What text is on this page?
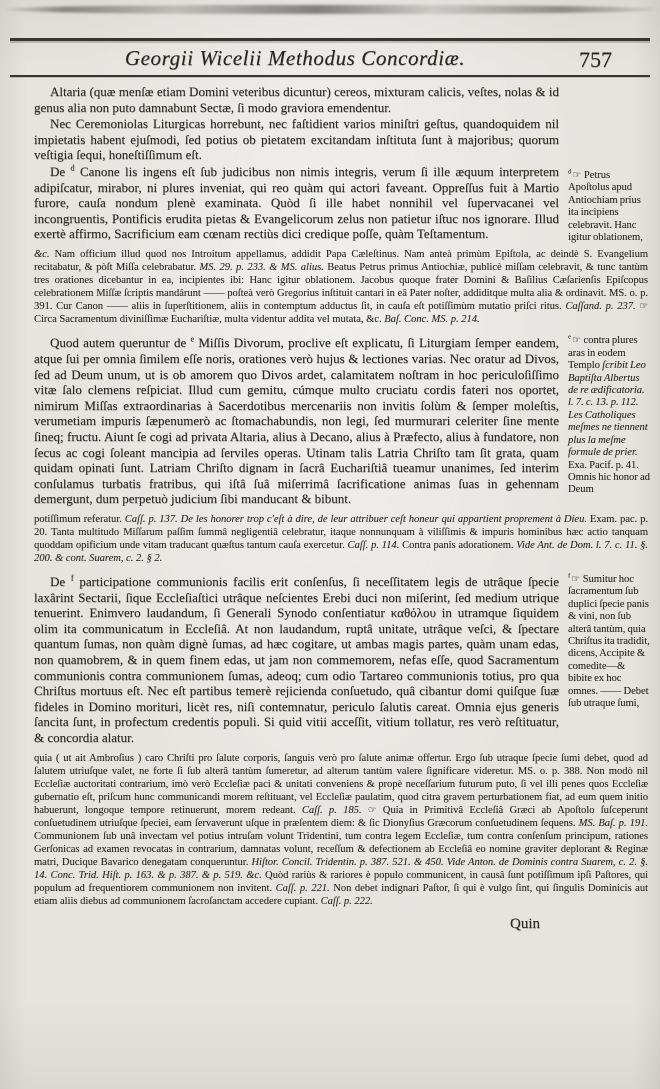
Georgii Wicelii Methodus Concordiæ.	757

Altaria (quæ menſæ etiam Domini veteribus dicuntur) cereos, mixturam calicis, veſtes, nolas & id genus alia non puto damnabunt Sectæ, ſi modo graviora emendentur.

Nec Ceremoniolas Liturgicas horrebunt, nec faſtidient varios miniſtri geſtus, quandoquidem nil impietatis habent ejuſmodi, ſed potius ob pietatem excitandam inſtituta ſunt à majoribus; quorum veſtigia ſequi, honeſtiſſimum eſt.

De $^d$ Canone lis ingens eſt ſub judicibus non nimis integris, verum ſi ille æquum interpretem adipiſcatur, mirabor, ni plures inveniat, qui reo quàm qui actori faveant. Oppreſſus fuit à Martio furore, cauſa nondum plenè examinata. Quòd ſi ille habet nonnihil vel ſupervacanei vel incongruentis, Pontificis erudita pietas & Evangelicorum zelus non patietur iſtuc nos ignorare. Illud exertè affirmo, Sacrificium eam cœnam rectiùs dici credique poſſe, quàm Teſtamentum.

$^d$ ☞ Petrus Apoſtolus apud Antiochiam prius ita incipiens celebravit. Hanc igitur oblationem,
&c. Nam officium illud quod nos Introitum appellamus, addidit Papa Cæleſtinus. Nam anteà primùm Epiſtola, ac deindè S. Evangelium recitabatur, & pòſt Miſſa celebrabatur. MS. 29. p. 233. & MS. alius. Beatus Petrus primus Antiochiæ, publicè miſſam celebravit, & tunc tantùm tres orationes dicebantur in ea, incipientes ibi: Hanc igitur oblationem. Jacobus quoque frater Domini & Baſilius Cæſarienſis Epiſcopus celebrationem Miſſæ ſcriptis mandârunt —— poſteà verò Gregorius inſtituit cantari in eâ Pater noſter, addiditque multa alia & ordinavit. MS. o. p. 391. Cur Canon —— aliis in ſuperſtitionem, aliis in contemptum adductus ſit, in cauſa eſt potiſſimùm mutatio priſci ritus. Caſſand. p. 237. ☞ Circa Sacramentum diviniſſimæ Euchariſtiæ, multa videntur addita vel mutata, &c. Baſ. Conc. MS. p. 214.

Quod autem queruntur de $^e$ Miſſis Divorum, proclive eſt explicatu, ſi Liturgiam ſemper eandem, atque ſui per omnia ſimilem eſſe noris, orationes verò hujus & lectiones varias. Nec oratur ad Divos, ſed ad Deum unum, ut is ob amorem quo Divos ardet, calamitatem noſtram in hoc periculoſiſſimo vitæ ſalo clemens reſpiciat. Illud cum gemitu, cúmque multo cruciatu cordis fateri nos oportet, nimirum Miſſas extraordinarias à Sacerdotibus mercenariis non invitis ſolùm & ſemper moleſtis, verumetiam impuris ſæpenumerò ac ſtomachabundis, non legi, ſed murmurari celeriter ſine mente ſineq; fructu. Aiunt ſe cogi ad privata Altaria, alius à Decano, alius à Præfecto, alius à fundatore, non ſecus ac cogi ſoleant mancipia ad ſerviles operas. Utinam talis Latria Chriſto tam ſit grata, quam quidam opinati ſunt. Latriam Chriſto dignam in ſacrâ Euchariſtiâ tueamur unanimes, ſed interim conſulamus turbatis fratribus, qui iſtâ ſuâ miſerrimâ ſacrificatione animas ſuas in gehennam demergunt, dum perpetuò judicium ſibi manducant & bibunt.

$^e$ ☞ contra plures aras in eodem Templo ſcribit Leo Baptiſta Albertus de re ædificatoria. l. 7. c. 13. p. 112. Les Catholiques meſmes ne tiennent plus la meſme formule de prier. Exa. Pacif. p. 41. Omnis hic honor ad Deum
potiſſimum referatur. Caſſ. p. 137. De les honorer trop c'eſt à dire, de leur attribuer ceſt honeur qui appartient proprement à Dieu. Exam. pac. p. 20. Tanta multitudo Miſſarum paſſim ſummâ negligentiâ celebratur, itaque nonnunquam à viliſſimis & impuris hominibus hæc actio tanquam quoddam opificium unde vitam traducant quæſtus tantum cauſa exercetur. Caſſ. p. 114. Contra panis adorationem. Vide Ant. de Dom. l. 7. c. 11. §. 200. & cont. Suarem, c. 2. § 2.

De $^f$ participatione communionis facilis erit conſenſus, ſi neceſſitatem legis de utrâque ſpecie laxârint Sectarii, ſique Eccleſiaſtici utrâque neſcientes Erebi duci non miſerint, ſed medium utrique tenuerint. Enimvero laudandum, ſi Generali Synodo conſentiatur καθόλου in utramque ſiquidem olim ita communicatum in Eccleſiâ. At non laudandum, ruptâ unitate, utrâque veſci, & ſpectare quantum ſumas, non quàm dignè ſumas, ad hæc cogitare, ut ambas magis partes, quàm unam edas, non quamobrem, & in quem finem edas, ut jam non commemorem, nefas eſſe, quod Sacramentum communionis contra communionem ſumas, adeoq; cum odio Tartareo communionis totius, pro qua Chriſtus mortuus eſt. Nec eſt partibus temerè rejicienda conſuetudo, quâ cibantur domi quiſque ſuæ fideles in Domino morituri, licèt res, niſi contemnatur, periculo ſalutis careat. Omnia ejus generis ſancita ſunt, in profectum credentis populi. Si quid vitii acceſſit, vitium tollatur, res verò reſtituatur, & concordia alatur.

$^f$ ☞ Sumitur hoc ſacramentum ſub duplici ſpecie panis & vini, non ſub alterâ tantùm, quia Chriſtus ita tradidit, dicens, Accipite & comedite—& bibite ex hoc omnes. —— Debet ſub utraque ſumi,
quia ( ut ait Ambroſius ) caro Chriſti pro ſalute corporis, ſanguis verò pro ſalute animæ offertur. Ergo ſub utraque ſpecie ſumi debet, quod ad ſalutem utriuſque valet, ne forte ſi ſub alterâ tantùm ſumeretur, ad alterum tantùm valere ſignificare videretur. MS. o. p. 388. Non modò nil Eccleſiæ auctoritati contrarium, imò verò Eccleſiæ paci & unitati conveniens & propè neceſſarium futurum puto, ſi vel illi penes quos Eccleſiæ gubernatio eſt, priſcum hunc communicandi morem reſtituant, vel Eccleſiæ paulatim, quod citra gravem perturbationem fiat, ad eum quem initio habuerunt, longoque tempore retinuerunt, morem redeant. Caſſ. p. 185. ☞ Quia in Primitivâ Eccleſiâ Græci ab Apoſtolo ſuſceperunt conſuetudinem utriuſque ſpeciei, eam ſervaverunt uſque in præſentem diem: & ſic Dionyſius Græcorum conſuetudinem ſequens. MS. Baſ. p. 191. Communionem ſub unâ invectam vel potius intruſam volunt Tridentini, tum contra legem Eccleſiæ, tum contra conſenſum principum, rationes Gerſonicas ad examen revocatas in contrarium, damnatas volunt, receſſum & defectionem ab Eccleſiâ eo nomine graviter deplorant & Reginæ matri, Ducique Bavarico denegatam conqueruntur. Hiſtor. Concil. Tridentin. p. 387. 521. & 450. Vide Anton. de Dominis contra Suarem, c. 2. §. 14. Conc. Trid. Hiſt. p. 163. & p. 387. & p. 519. &c. Quòd rariùs & rariores è populo communicent, in causâ ſunt potiſſimum ipſi Paſtores, qui populum ad frequentiorem communionem non invitent. Caſſ. p. 221. Non debet indignari Paſtor, ſi qui è vulgo ſint, qui ſingulis Dominicis aut etiam aliis diebus ad communionem ſacroſanctam accedere cupiant. Caſſ. p. 222.
Quin
